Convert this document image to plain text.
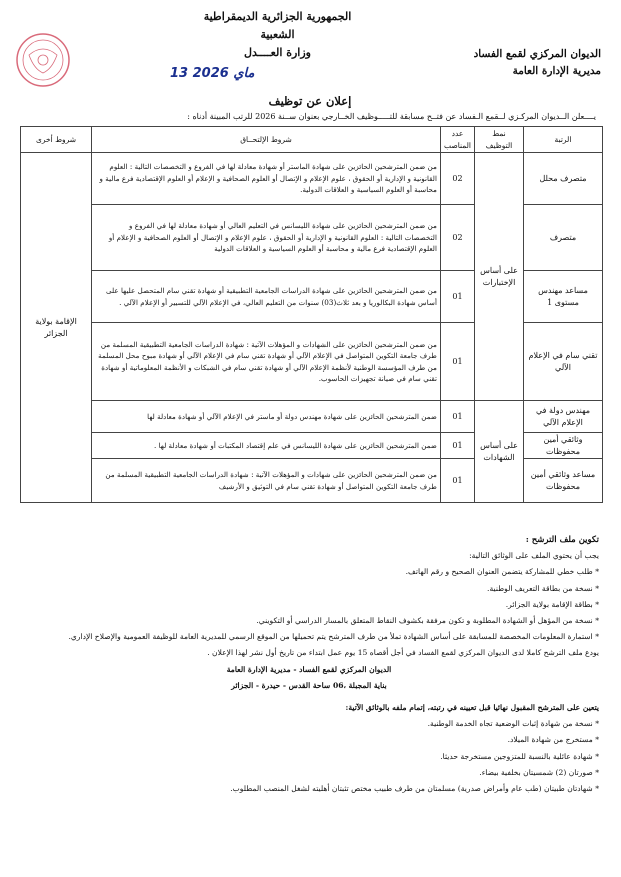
الجمهورية الجزائرية الديمقراطية الشعبية
وزارة العــــدل	الديوان المركزي لقمع الفساد
مديرية الإدارة العامة
13 ماي 2026
إعلان عن توظيف
يــــعلن الــديوان المركـزي لــقمع الـفساد عن فتــح مسابقة للتـــــوظيف الخــارجي بعنوان ســنة 2026 للرتب المبينة أدناه :
الرتبة	نمط التوظيف	عدد المناصب	شروط الإلتحــاق	شروط أخرى
متصرف محلل	على أساس الإختبارات	02	من ضمن المترشحين الحائزين على شهادة الماستر أو شهادة معادلة لها في الفروع و التخصصات التالية : العلوم القانونية و الإدارية أو الحقوق ، علوم الإعلام و الإتصال أو العلوم الصحافية و الإعلام أو العلوم الإقتصادية فرع مالية و محاسبة أو العلوم السياسية و العلاقات الدولية.	الإقامة بولاية الجزائر
متصرف		02	من ضمن المترشحين الحائزين على شهادة الليسانس في التعليم العالي أو شهادة معادلة لها في الفروع و التخصصات التالية : العلوم القانونية و الإدارية أو الحقوق ، علوم الإعلام و الإتصال أو العلوم الصحافية و الإعلام أو العلوم الإقتصادية فرع مالية و محاسبة أو العلوم السياسية و العلاقات الدولية	
مساعد مهندس مستوى 1		01	من ضمن المترشحين الحائزين على شهادة الدراسات الجامعية التطبيقية أو شهادة تقني سام المتحصل عليها على أساس شهادة البكالوريا و بعد ثلاث(03) سنوات من التعليم العالي، في الإعلام الآلي للتسيير أو الإعلام الآلي .	
تقني سام في الإعلام الآلي		01	من ضمن المترشحين الحائزين على الشهادات و المؤهلات الآتية : شهادة الدراسات الجامعية التطبيقية المسلمة من طرف جامعة التكوين المتواصل في الإعلام الآلي أو شهادة تقني سام في الإعلام الآلي أو شهادة مبوح محل المسلمة من طرف المؤسسة الوطنية لأنظمة الإعلام الآلي أو شهادة تقني سام في الشبكات و الأنظمة المعلوماتية أو شهادة تقني سام في صيانة تجهيزات الحاسوب.	
مهندس دولة في الإعلام الآلي	على أساس الشهادات	01	ضمن المترشحين الحائزين على شهادة مهندس دولة أو ماستر في الإعلام الآلي أو شهادة معادلة لها	
وثائقي أمين محفوظات		01	ضمن المترشحين الحائزين على شهادة الليسانس في علم إقتصاد المكتبات أو شهادة معادلة لها .	
مساعد وثائقي أمين محفوظات		01	من ضمن المترشحين الحائزين على شهادات و المؤهلات الآتية : شهادة الدراسات الجامعية التطبيقية المسلمة من طرف جامعة التكوين المتواصل أو شهادة تقني سام في التوثيق و الأرشيف	
تكوين ملف الترشح :
يجب أن يحتوي الملف على الوثائق التالية:
* طلب خطي للمشاركة يتضمن العنوان الصحيح و رقم الهاتف.
* نسخة من بطاقة التعريف الوطنية.
* بطاقة الإقامة بولاية الجزائر.
* نسخة من المؤهل أو الشهادة المطلوبة و تكون مرفقة بكشوف النقاط المتعلق بالمسار الدراسي أو التكويني.
* استمارة المعلومات المخصصة للمسابقة على أساس الشهادة تملأ من طرف المترشح يتم تحميلها من الموقع الرسمي للمديرية العامة للوظيفة العمومية والإصلاح الإداري.
يودع ملف الترشح كاملا لدى الديوان المركزي لقمع الفساد في أجل أقصاه 15 يوم عمل ابتداء من تاريخ أول نشر لهذا الإعلان .
الديوان المركزي لقمع الفساد - مديرية الإدارة العامة
بناية المجبلة ،06 ساحة القدس - حيدرة - الجزائر
يتعين على المترشح المقبول نهائيا قبل تعيينه في رتبته، إتمام ملفه بالوثائق الآتية:
* نسخة من شهادة إثبات الوضعية تجاه الخدمة الوطنية.
* مستخرج من شهادة الميلاد.
* شهادة عائلية بالنسبة للمتزوجين مستخرجة حديثا.
* صورتان (2) شمسيتان بخلفية بيضاء.
* شهادتان طبيتان (طب عام وأمراض صدرية) مسلمتان من طرف طبيب مختص تثبتان أهليته لشغل المنصب المطلوب.
